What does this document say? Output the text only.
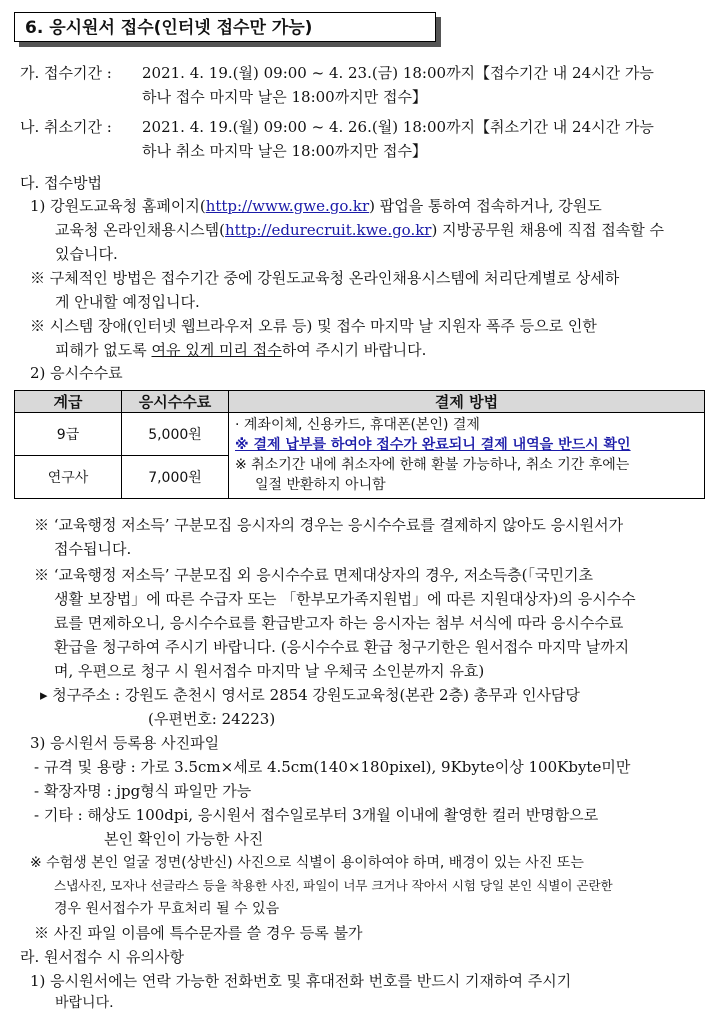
6. 응시원서 접수(인터넷 접수만 가능)
가. 접수기간 : 2021. 4. 19.(월) 09:00 ~ 4. 23.(금) 18:00까지【접수기간 내 24시간 가능
하나 접수 마지막 날은 18:00까지만 접수】
나. 취소기간 : 2021. 4. 19.(월) 09:00 ~ 4. 26.(월) 18:00까지【취소기간 내 24시간 가능
하나 취소 마지막 날은 18:00까지만 접수】
다. 접수방법
1) 강원도교육청 홈페이지(http://www.gwe.go.kr) 팝업을 통하여 접속하거나, 강원도
교육청 온라인채용시스템(http://edurecruit.kwe.go.kr) 지방공무원 채용에 직접 접속할 수
있습니다.
※ 구체적인 방법은 접수기간 중에 강원도교육청 온라인채용시스템에 처리단계별로 상세하
게 안내할 예정입니다.
※ 시스템 장애(인터넷 웹브라우저 오류 등) 및 접수 마지막 날 지원자 폭주 등으로 인한
피해가 없도록 여유 있게 미리 접수하여 주시기 바랍니다.
2) 응시수수료
계급	응시수수료	결제 방법
9급	5,000원	· 계좌이체, 신용카드, 휴대폰(본인) 결제
※ 결제 납부를 하여야 접수가 완료되니 결제 내역을 반드시 확인
※ 취소기간 내에 취소자에 한해 환불 가능하나, 취소 기간 후에는
일절 반환하지 아니함

연구사	7,000원	
※ ‘교육행정 저소득’ 구분모집 응시자의 경우는 응시수수료를 결제하지 않아도 응시원서가
접수됩니다.
※ ‘교육행정 저소득’ 구분모집 외 응시수수료 면제대상자의 경우, 저소득층(「국민기초
생활 보장법」에 따른 수급자 또는 「한부모가족지원법」에 따른 지원대상자)의 응시수수
료를 면제하오니, 응시수수료를 환급받고자 하는 응시자는 첨부 서식에 따라 응시수수료
환급을 청구하여 주시기 바랍니다. (응시수수료 환급 청구기한은 원서접수 마지막 날까지
며, 우편으로 청구 시 원서접수 마지막 날 우체국 소인분까지 유효)
▸ 청구주소 : 강원도 춘천시 영서로 2854 강원도교육청(본관 2층) 총무과 인사담당
(우편번호: 24223)
3) 응시원서 등록용 사진파일
- 규격 및 용량 : 가로 3.5cm×세로 4.5cm(140×180pixel), 9Kbyte이상 100Kbyte미만
- 확장자명 : jpg형식 파일만 가능
- 기타 : 해상도 100dpi, 응시원서 접수일로부터 3개월 이내에 촬영한 컬러 반명함으로
본인 확인이 가능한 사진
※ 수험생 본인 얼굴 정면(상반신) 사진으로 식별이 용이하여야 하며, 배경이 있는 사진 또는
스냅사진, 모자나 선글라스 등을 착용한 사진, 파일이 너무 크거나 작아서 시험 당일 본인 식별이 곤란한
경우 원서접수가 무효처리 될 수 있음
※ 사진 파일 이름에 특수문자를 쓸 경우 등록 불가
라. 원서접수 시 유의사항
1) 응시원서에는 연락 가능한 전화번호 및 휴대전화 번호를 반드시 기재하여 주시기
바랍니다.
